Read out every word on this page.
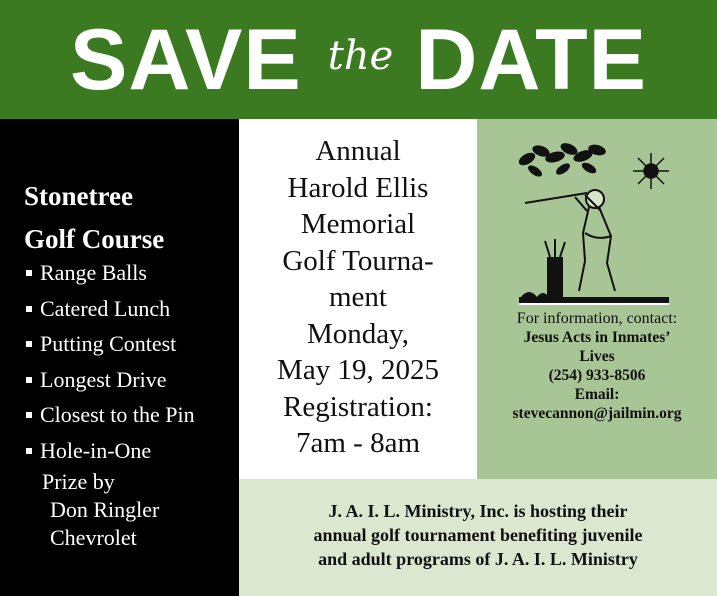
SAVE the DATE
Stonetree
Golf Course
Range Balls
Catered Lunch
Putting Contest
Longest Drive
Closest to the Pin
Hole-in-One
Prize by
Don Ringler
Chevrolet
Annual
Harold Ellis
Memorial
Golf Tourna-
ment
Monday,
May 19, 2025
Registration:
7am - 8am
For information, contact:
Jesus Acts in Inmates’
Lives
(254) 933-8506
Email:
stevecannon@jailmin.org
J. A. I. L. Ministry, Inc. is hosting their
annual golf tournament benefiting juvenile
and adult programs of J. A. I. L. Ministry
